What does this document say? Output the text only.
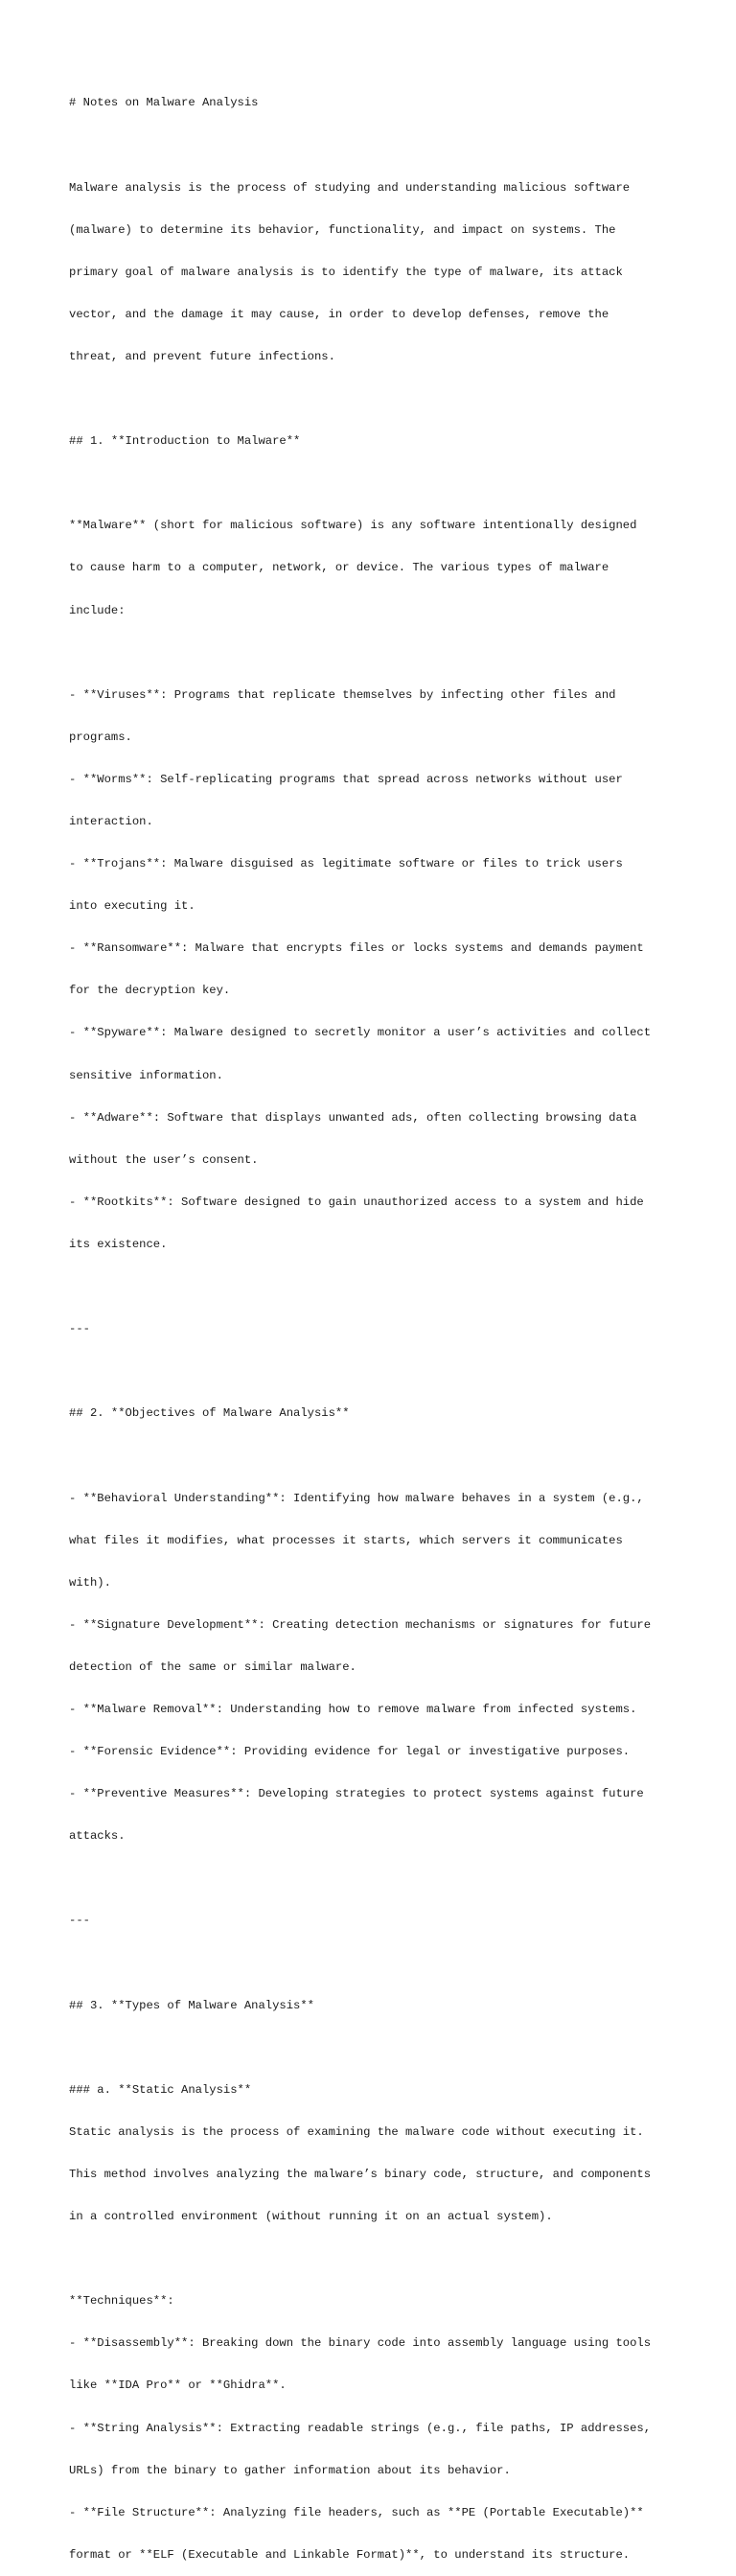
# Notes on Malware Analysis

Malware analysis is the process of studying and understanding malicious software

(malware) to determine its behavior, functionality, and impact on systems. The

primary goal of malware analysis is to identify the type of malware, its attack

vector, and the damage it may cause, in order to develop defenses, remove the

threat, and prevent future infections.

## 1. **Introduction to Malware**

**Malware** (short for malicious software) is any software intentionally designed

to cause harm to a computer, network, or device. The various types of malware

include:

- **Viruses**: Programs that replicate themselves by infecting other files and

programs.

- **Worms**: Self-replicating programs that spread across networks without user

interaction.

- **Trojans**: Malware disguised as legitimate software or files to trick users

into executing it.

- **Ransomware**: Malware that encrypts files or locks systems and demands payment

for the decryption key.

- **Spyware**: Malware designed to secretly monitor a user’s activities and collect

sensitive information.

- **Adware**: Software that displays unwanted ads, often collecting browsing data

without the user’s consent.

- **Rootkits**: Software designed to gain unauthorized access to a system and hide

its existence.

---

## 2. **Objectives of Malware Analysis**

- **Behavioral Understanding**: Identifying how malware behaves in a system (e.g.,

what files it modifies, what processes it starts, which servers it communicates

with).

- **Signature Development**: Creating detection mechanisms or signatures for future

detection of the same or similar malware.

- **Malware Removal**: Understanding how to remove malware from infected systems.

- **Forensic Evidence**: Providing evidence for legal or investigative purposes.

- **Preventive Measures**: Developing strategies to protect systems against future

attacks.

---

## 3. **Types of Malware Analysis**

### a. **Static Analysis**

Static analysis is the process of examining the malware code without executing it.

This method involves analyzing the malware’s binary code, structure, and components

in a controlled environment (without running it on an actual system).

**Techniques**:

- **Disassembly**: Breaking down the binary code into assembly language using tools

like **IDA Pro** or **Ghidra**.

- **String Analysis**: Extracting readable strings (e.g., file paths, IP addresses,

URLs) from the binary to gather information about its behavior.

- **File Structure**: Analyzing file headers, such as **PE (Portable Executable)**

format or **ELF (Executable and Linkable Format)**, to understand its structure.
